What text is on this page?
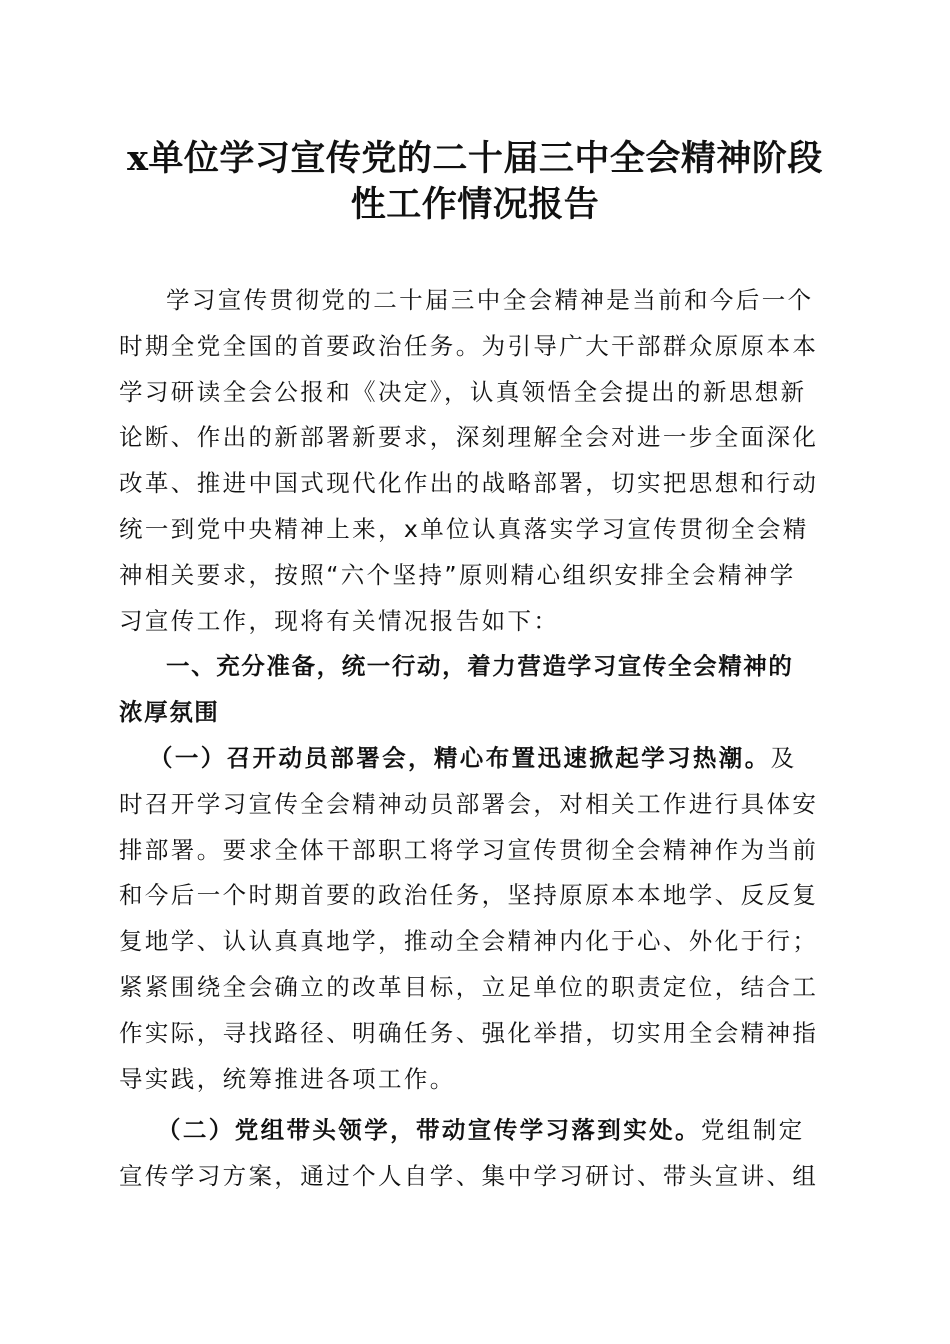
x单位学习宣传党的二十届三中全会精神阶段
性工作情况报告
学习宣传贯彻党的二十届三中全会精神是当前和今后一个
时期全党全国的首要政治任务。为引导广大干部群众原原本本
学习研读全会公报和《决定》，认真领悟全会提出的新思想新
论断、作出的新部署新要求，深刻理解全会对进一步全面深化
改革、推进中国式现代化作出的战略部署，切实把思想和行动
统一到党中央精神上来，x单位认真落实学习宣传贯彻全会精
神相关要求，按照“六个坚持”原则精心组织安排全会精神学
习宣传工作，现将有关情况报告如下：
一、充分准备，统一行动，着力营造学习宣传全会精神的
浓厚氛围
（一）召开动员部署会，精心布置迅速掀起学习热潮。及
时召开学习宣传全会精神动员部署会，对相关工作进行具体安
排部署。要求全体干部职工将学习宣传贯彻全会精神作为当前
和今后一个时期首要的政治任务，坚持原原本本地学、反反复
复地学、认认真真地学，推动全会精神内化于心、外化于行；
紧紧围绕全会确立的改革目标，立足单位的职责定位，结合工
作实际，寻找路径、明确任务、强化举措，切实用全会精神指
导实践，统筹推进各项工作。
（二）党组带头领学，带动宣传学习落到实处。党组制定
宣传学习方案，通过个人自学、集中学习研讨、带头宣讲、组
